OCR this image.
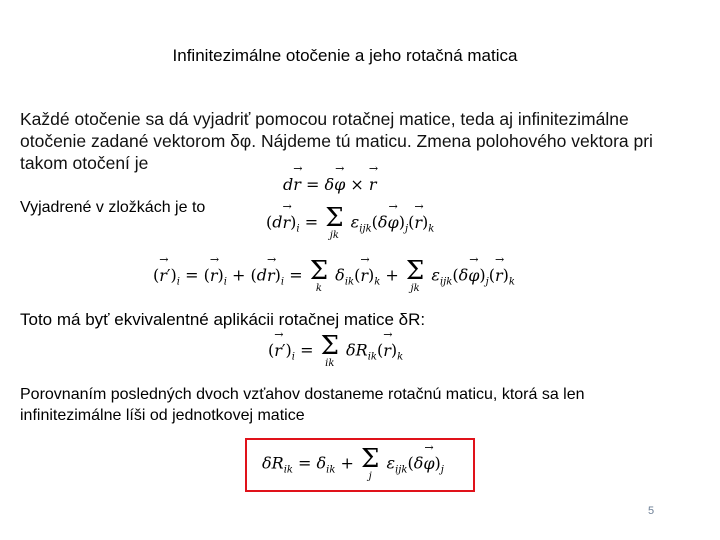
Infinitezimálne otočenie a jeho rotačná matica
Každé otočenie sa dá vyjadriť pomocou rotačnej matice, teda aj infinitezimálne otočenie zadané vektorom δφ. Nájdeme tú maticu. Zmena polohového vektora pri takom otočení je
d→ r = δ→ φ × → r
Vyjadrené v zložkách je to
$(d\to r)_i = \Sigma$
jk
$\varepsilon_{ijk}(\delta\to \varphi)_j(\to r)_k$
(→ $r')_i$ = (→ $r)_i + (d\to r)_i = \Sigma$
k
$\delta_{ik}(\to r)_k + \Sigma$
jk
$\varepsilon_{ijk}(\delta\to \varphi)_j(\to r)_k$
Toto má byť ekvivalentné aplikácii rotačnej matice δR:
(→ $r')_i = \Sigma$
ik
$\delta R_{ik}(\to r)_k$
Porovnaním posledných dvoch vzťahov dostaneme rotačnú maticu, ktorá sa len infinitezimálne líši od jednotkovej matice
$\delta R_{ik} = \delta_{ik} + \Sigma$
j
$\varepsilon_{ijk}(\delta\to \varphi)_j$
5
